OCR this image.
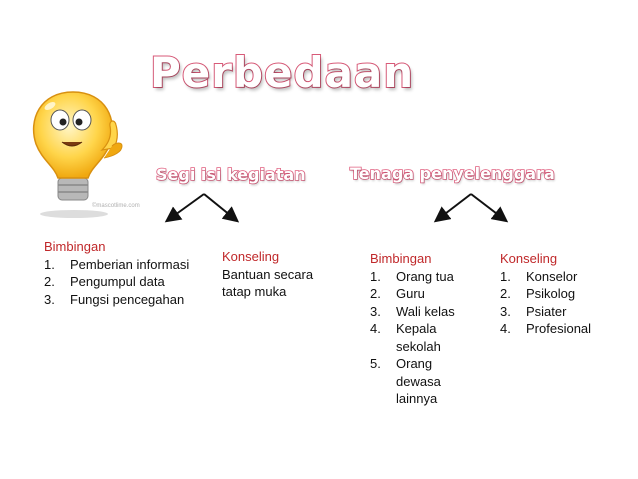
©mascotlime.com
Perbedaan
Segi isi kegiatan	Tenaga penyelenggara
Bimbingan
1. Pemberian informasi
2. Pengumpul data
3. Fungsi pencegahan
Konseling
Bantuan secara tatap muka
Bimbingan
1. Orang tua
2. Guru
3. Wali kelas
4. Kepala sekolah
5. Orang dewasa lainnya
Konseling
1. Konselor
2. Psikolog
3. Psiater
4. Profesional
